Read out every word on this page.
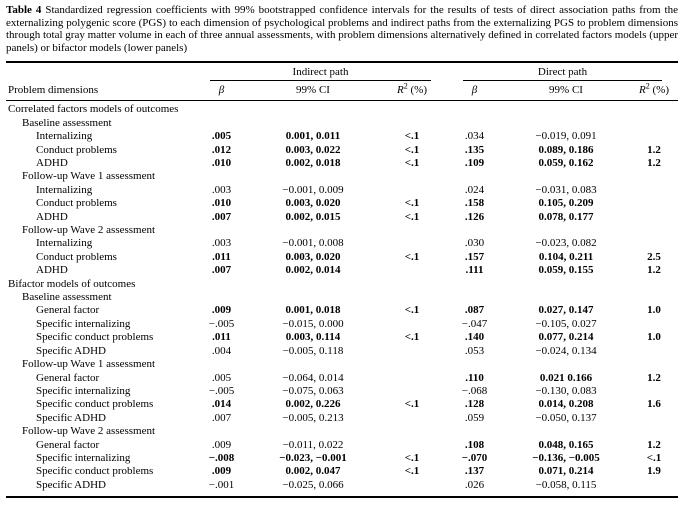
Table 4 Standardized regression coefficients with 99% bootstrapped confidence intervals for the results of tests of direct association paths from the externalizing polygenic score (PGS) to each dimension of psychological problems and indirect paths from the externalizing PGS to problem dimensions through total gray matter volume in each of three annual assessments, with problem dimensions alternatively defined in correlated factors models (upper panels) or bifactor models (lower panels)

	Indirect path			Direct path		

Problem dimensions	β	99% CI	$R^2$ (%)	β	99% CI	$R^2$ (%)
Correlated factors models of outcomes						
Baseline assessment						
Internalizing	.005	0.001, 0.011	<.1	.034	−0.019, 0.091	
Conduct problems	.012	0.003, 0.022	<.1	.135	0.089, 0.186	1.2
ADHD	.010	0.002, 0.018	<.1	.109	0.059, 0.162	1.2
Follow-up Wave 1 assessment						
Internalizing	.003	−0.001, 0.009		.024	−0.031, 0.083	
Conduct problems	.010	0.003, 0.020	<.1	.158	0.105, 0.209	
ADHD	.007	0.002, 0.015	<.1	.126	0.078, 0.177	
Follow-up Wave 2 assessment						
Internalizing	.003	−0.001, 0.008		.030	−0.023, 0.082	
Conduct problems	.011	0.003, 0.020	<.1	.157	0.104, 0.211	2.5
ADHD	.007	0.002, 0.014		.111	0.059, 0.155	1.2
Bifactor models of outcomes						
Baseline assessment						
General factor	.009	0.001, 0.018	<.1	.087	0.027, 0.147	1.0
Specific internalizing	−.005	−0.015, 0.000		−.047	−0.105, 0.027	
Specific conduct problems	.011	0.003, 0.114	<.1	.140	0.077, 0.214	1.0
Specific ADHD	.004	−0.005, 0.118		.053	−0.024, 0.134	
Follow-up Wave 1 assessment						
General factor	.005	−0.064, 0.014		.110	0.021 0.166	1.2
Specific internalizing	−.005	−0.075, 0.063		−.068	−0.130, 0.083	
Specific conduct problems	.014	0.002, 0.226	<.1	.128	0.014, 0.208	1.6
Specific ADHD	.007	−0.005, 0.213		.059	−0.050, 0.137	
Follow-up Wave 2 assessment						
General factor	.009	−0.011, 0.022		.108	0.048, 0.165	1.2
Specific internalizing	−.008	−0.023, −0.001	<.1	−.070	−0.136, −0.005	<.1
Specific conduct problems	.009	0.002, 0.047	<.1	.137	0.071, 0.214	1.9
Specific ADHD	−.001	−0.025, 0.066		.026	−0.058, 0.115	
